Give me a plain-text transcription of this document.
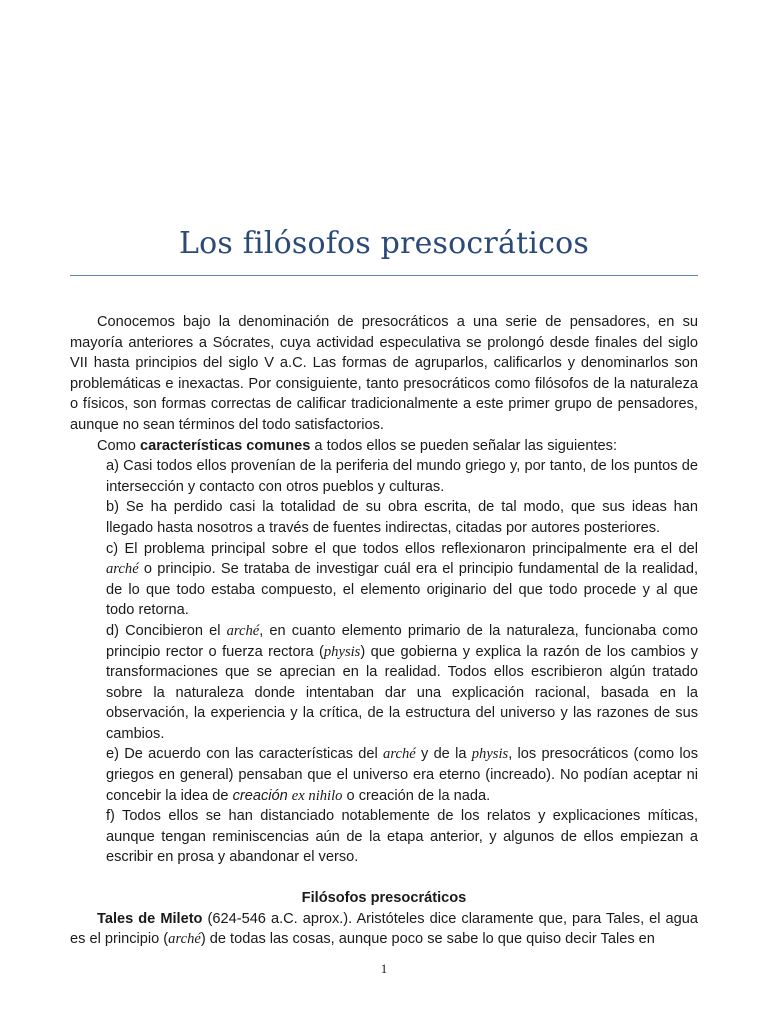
Los filósofos presocráticos

Conocemos bajo la denominación de presocráticos a una serie de pensadores, en su mayoría anteriores a Sócrates, cuya actividad especulativa se prolongó desde finales del siglo VII hasta principios del siglo V a.C. Las formas de agruparlos, calificarlos y denominarlos son problemáticas e inexactas. Por consiguiente, tanto presocráticos como filósofos de la naturaleza o físicos, son formas correctas de calificar tradicionalmente a este primer grupo de pensadores, aunque no sean términos del todo satisfactorios.

Como características comunes a todos ellos se pueden señalar las siguientes:

a) Casi todos ellos provenían de la periferia del mundo griego y, por tanto, de los puntos de intersección y contacto con otros pueblos y culturas.

b) Se ha perdido casi la totalidad de su obra escrita, de tal modo, que sus ideas han llegado hasta nosotros a través de fuentes indirectas, citadas por autores posteriores.

c) El problema principal sobre el que todos ellos reflexionaron principalmente era el del arché o principio. Se trataba de investigar cuál era el principio fundamental de la realidad, de lo que todo estaba compuesto, el elemento originario del que todo procede y al que todo retorna.

d) Concibieron el arché, en cuanto elemento primario de la naturaleza, funcionaba como principio rector o fuerza rectora (physis) que gobierna y explica la razón de los cambios y transformaciones que se aprecian en la realidad. Todos ellos escribieron algún tratado sobre la naturaleza donde intentaban dar una explicación racional, basada en la observación, la experiencia y la crítica, de la estructura del universo y las razones de sus cambios.

e) De acuerdo con las características del arché y de la physis, los presocráticos (como los griegos en general) pensaban que el universo era eterno (increado). No podían aceptar ni concebir la idea de creación ex nihilo o creación de la nada.

f) Todos ellos se han distanciado notablemente de los relatos y explicaciones míticas, aunque tengan reminiscencias aún de la etapa anterior, y algunos de ellos empiezan a escribir en prosa y abandonar el verso.

Filósofos presocráticos

Tales de Mileto (624-546 a.C. aprox.). Aristóteles dice claramente que, para Tales, el agua es el principio (arché) de todas las cosas, aunque poco se sabe lo que quiso decir Tales en

1
